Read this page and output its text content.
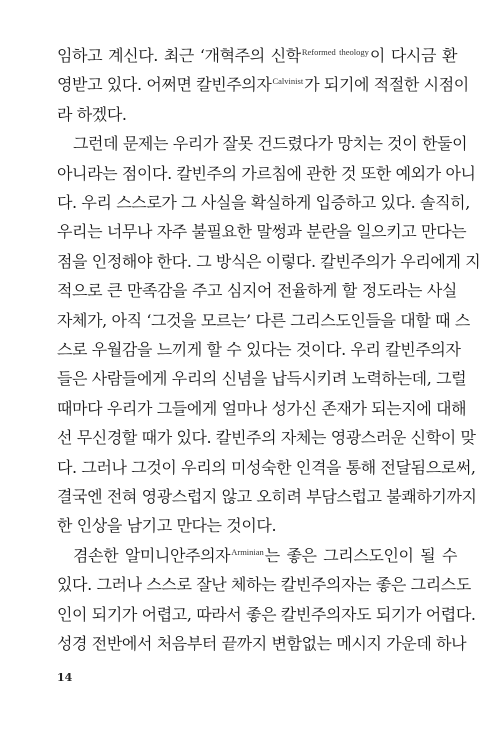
임하고 계신다. 최근 ‘개혁주의 신학$^{Reformed theology}$이 다시금 환
영받고 있다. 어쩌면 칼빈주의자$^{Calvinist}$가 되기에 적절한 시점이
라 하겠다.
그런데 문제는 우리가 잘못 건드렸다가 망치는 것이 한둘이
아니라는 점이다. 칼빈주의 가르침에 관한 것 또한 예외가 아니
다. 우리 스스로가 그 사실을 확실하게 입증하고 있다. 솔직히,
우리는 너무나 자주 불필요한 말썽과 분란을 일으키고 만다는
점을 인정해야 한다. 그 방식은 이렇다. 칼빈주의가 우리에게 지
적으로 큰 만족감을 주고 심지어 전율하게 할 정도라는 사실
자체가, 아직 ‘그것을 모르는’ 다른 그리스도인들을 대할 때 스
스로 우월감을 느끼게 할 수 있다는 것이다. 우리 칼빈주의자
들은 사람들에게 우리의 신념을 납득시키려 노력하는데, 그럴
때마다 우리가 그들에게 얼마나 성가신 존재가 되는지에 대해
선 무신경할 때가 있다. 칼빈주의 자체는 영광스러운 신학이 맞
다. 그러나 그것이 우리의 미성숙한 인격을 통해 전달됨으로써,
결국엔 전혀 영광스럽지 않고 오히려 부담스럽고 불쾌하기까지
한 인상을 남기고 만다는 것이다.
겸손한 알미니안주의자$^{Arminian}$는 좋은 그리스도인이 될 수
있다. 그러나 스스로 잘난 체하는 칼빈주의자는 좋은 그리스도
인이 되기가 어렵고, 따라서 좋은 칼빈주의자도 되기가 어렵다.
성경 전반에서 처음부터 끝까지 변함없는 메시지 가운데 하나
14
